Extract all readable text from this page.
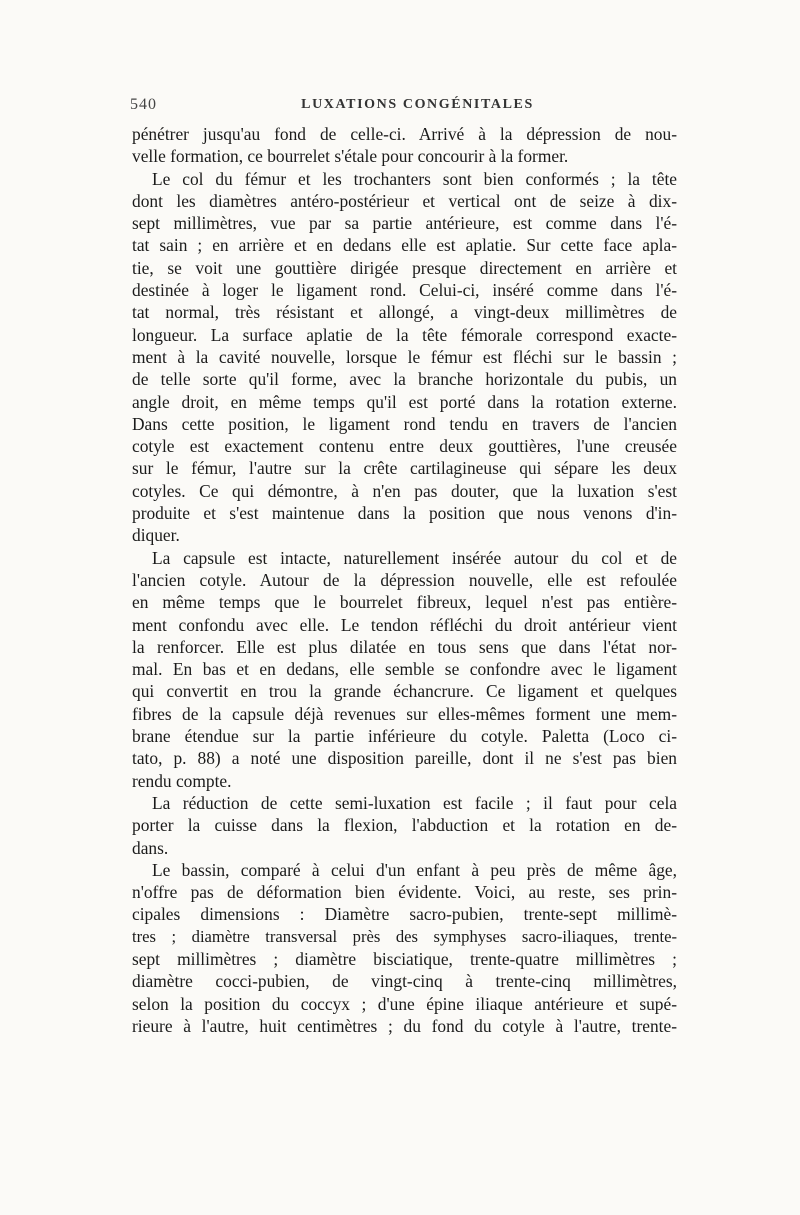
540	LUXATIONS CONGÉNITALES
pénétrer jusqu'au fond de celle-ci. Arrivé à la dépression de nou-
velle formation, ce bourrelet s'étale pour concourir à la former.
Le col du fémur et les trochanters sont bien conformés ; la tête
dont les diamètres antéro-postérieur et vertical ont de seize à dix-
sept millimètres, vue par sa partie antérieure, est comme dans l'é-
tat sain ; en arrière et en dedans elle est aplatie. Sur cette face apla-
tie, se voit une gouttière dirigée presque directement en arrière et
destinée à loger le ligament rond. Celui-ci, inséré comme dans l'é-
tat normal, très résistant et allongé, a vingt-deux millimètres de
longueur. La surface aplatie de la tête fémorale correspond exacte-
ment à la cavité nouvelle, lorsque le fémur est fléchi sur le bassin ;
de telle sorte qu'il forme, avec la branche horizontale du pubis, un
angle droit, en même temps qu'il est porté dans la rotation externe.
Dans cette position, le ligament rond tendu en travers de l'ancien
cotyle est exactement contenu entre deux gouttières, l'une creusée
sur le fémur, l'autre sur la crête cartilagineuse qui sépare les deux
cotyles. Ce qui démontre, à n'en pas douter, que la luxation s'est
produite et s'est maintenue dans la position que nous venons d'in-
diquer.
La capsule est intacte, naturellement insérée autour du col et de
l'ancien cotyle. Autour de la dépression nouvelle, elle est refoulée
en même temps que le bourrelet fibreux, lequel n'est pas entière-
ment confondu avec elle. Le tendon réfléchi du droit antérieur vient
la renforcer. Elle est plus dilatée en tous sens que dans l'état nor-
mal. En bas et en dedans, elle semble se confondre avec le ligament
qui convertit en trou la grande échancrure. Ce ligament et quelques
fibres de la capsule déjà revenues sur elles-mêmes forment une mem-
brane étendue sur la partie inférieure du cotyle. Paletta (Loco ci-
tato, p. 88) a noté une disposition pareille, dont il ne s'est pas bien
rendu compte.
La réduction de cette semi-luxation est facile ; il faut pour cela
porter la cuisse dans la flexion, l'abduction et la rotation en de-
dans.
Le bassin, comparé à celui d'un enfant à peu près de même âge,
n'offre pas de déformation bien évidente. Voici, au reste, ses prin-
cipales dimensions : Diamètre sacro-pubien, trente-sept millimè-
tres ; diamètre transversal près des symphyses sacro-iliaques, trente-
sept millimètres ; diamètre bisciatique, trente-quatre millimètres ;
diamètre cocci-pubien, de vingt-cinq à trente-cinq millimètres,
selon la position du coccyx ; d'une épine iliaque antérieure et supé-
rieure à l'autre, huit centimètres ; du fond du cotyle à l'autre, trente-
